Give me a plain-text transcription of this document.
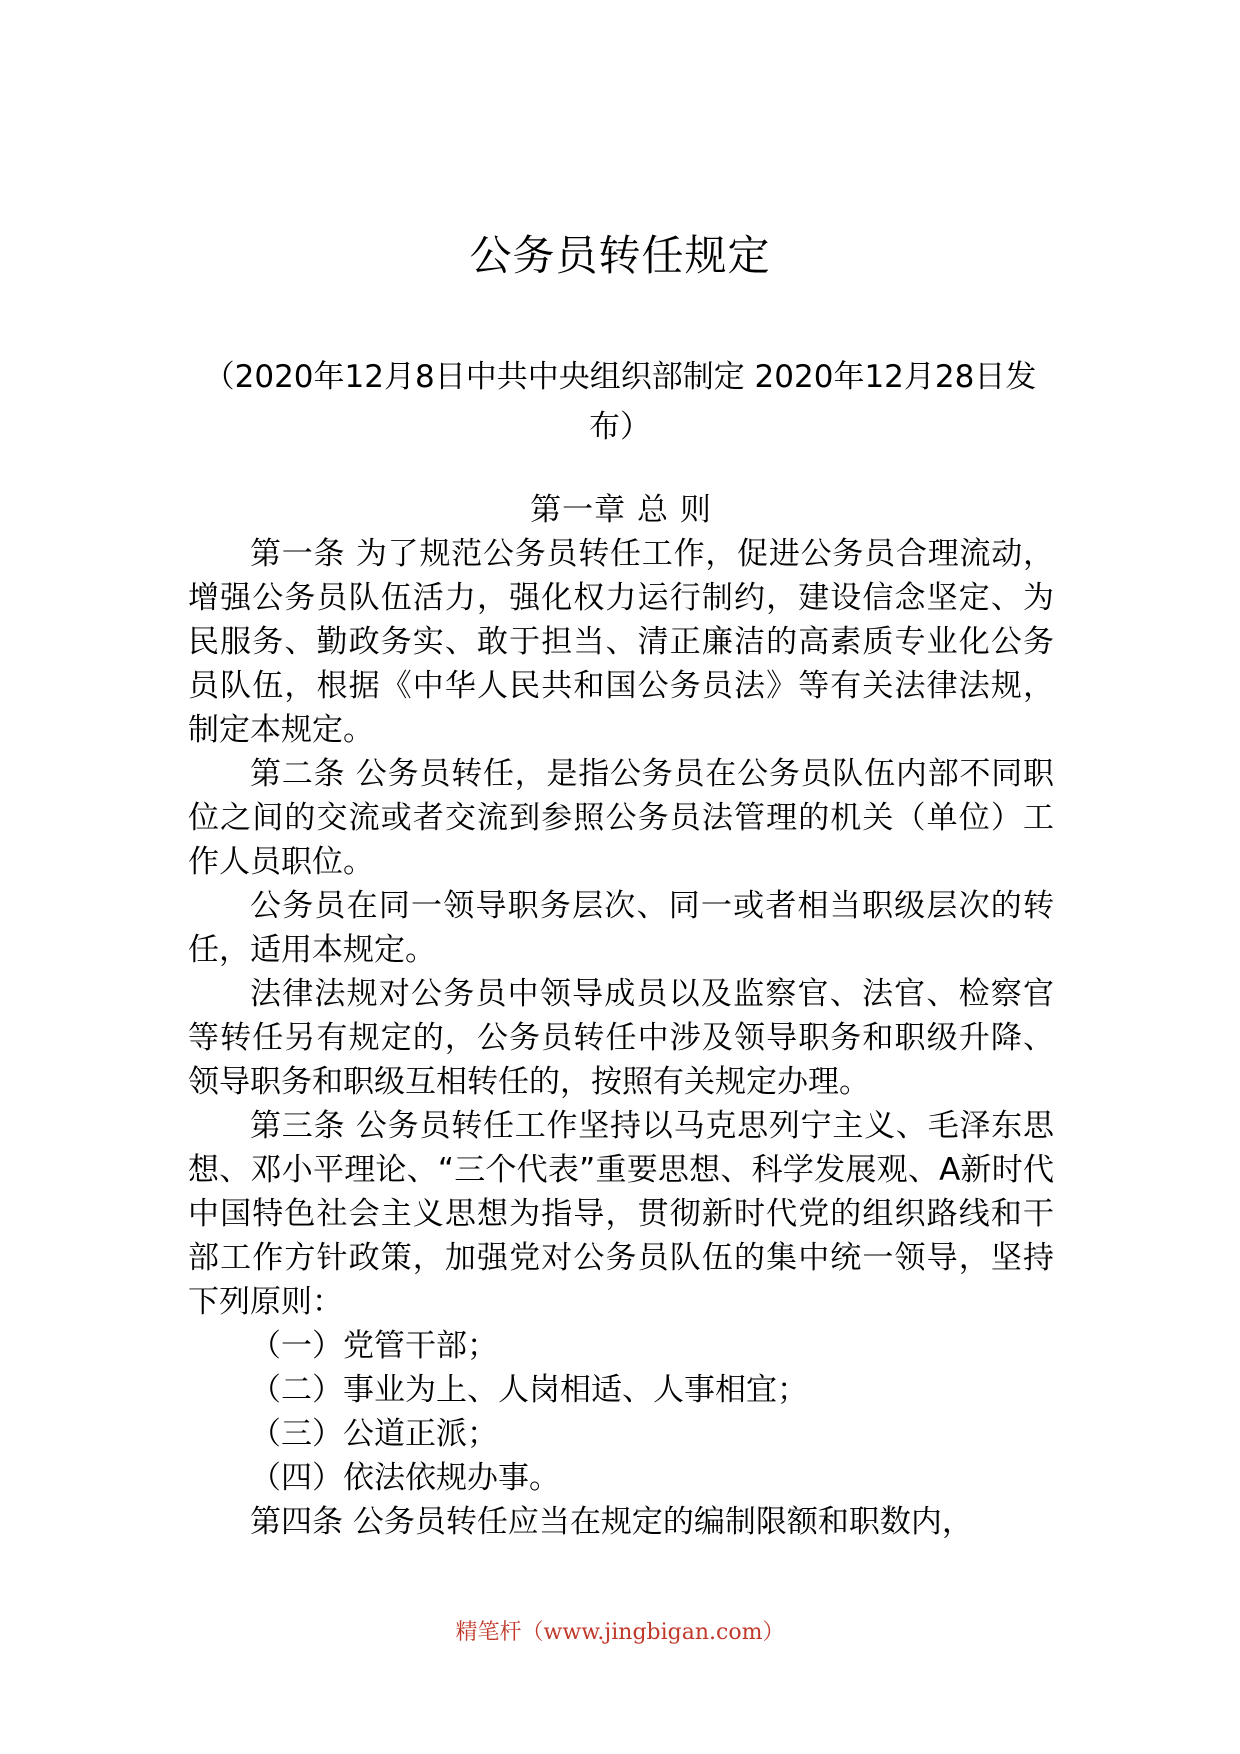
公务员转任规定
（2020年12月8日中共中央组织部制定 2020年12月28日发布）

第一章 总 则

第一条 为了规范公务员转任工作，促进公务员合理流动，增强公务员队伍活力，强化权力运行制约，建设信念坚定、为民服务、勤政务实、敢于担当、清正廉洁的高素质专业化公务员队伍，根据《中华人民共和国公务员法》等有关法律法规，制定本规定。

第二条 公务员转任，是指公务员在公务员队伍内部不同职位之间的交流或者交流到参照公务员法管理的机关（单位）工作人员职位。

公务员在同一领导职务层次、同一或者相当职级层次的转任，适用本规定。

法律法规对公务员中领导成员以及监察官、法官、检察官等转任另有规定的，公务员转任中涉及领导职务和职级升降、领导职务和职级互相转任的，按照有关规定办理。

第三条 公务员转任工作坚持以马克思列宁主义、毛泽东思想、邓小平理论、“三个代表”重要思想、科学发展观、A新时代中国特色社会主义思想为指导，贯彻新时代党的组织路线和干部工作方针政策，加强党对公务员队伍的集中统一领导，坚持下列原则：

（一）党管干部；

（二）事业为上、人岗相适、人事相宜；

（三）公道正派；

（四）依法依规办事。

第四条 公务员转任应当在规定的编制限额和职数内，

精笔杆（www.jingbigan.com）
